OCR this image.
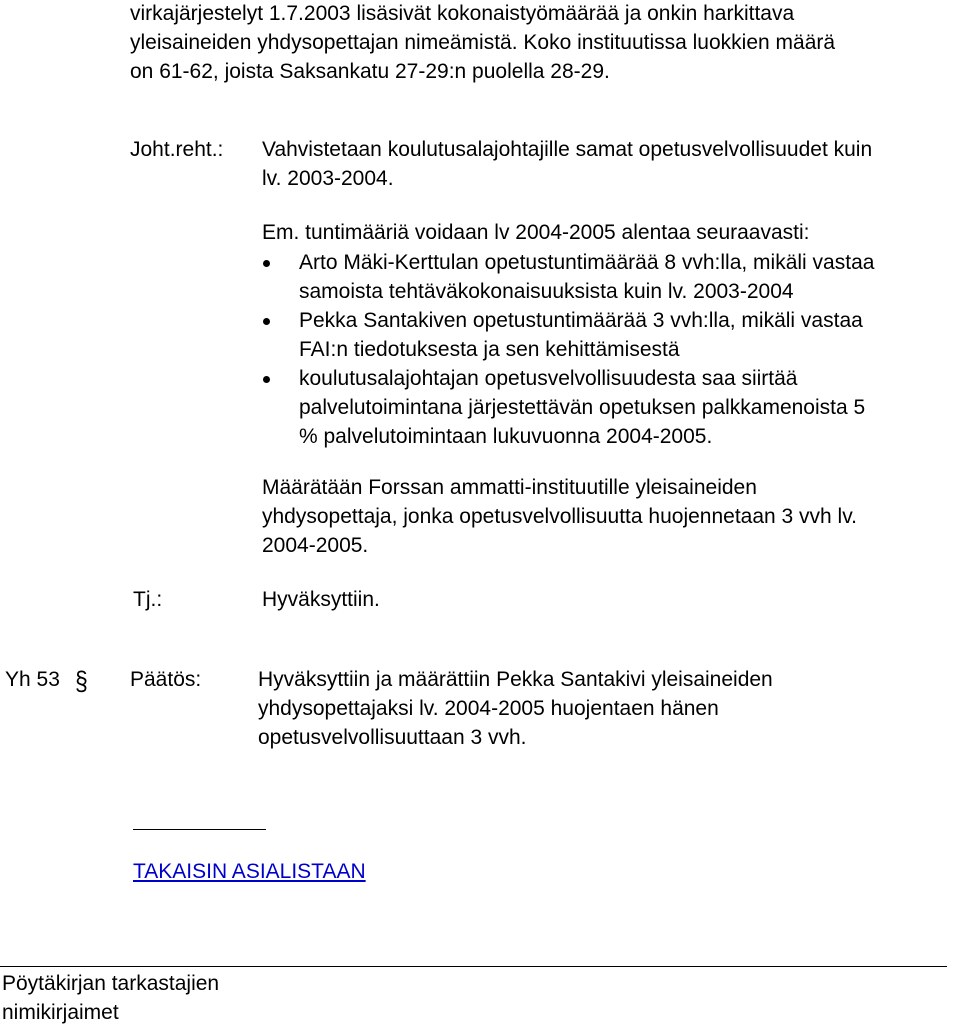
virkajärjestelyt 1.7.2003 lisäsivät kokonaistyömäärää ja onkin harkittava
yleisaineiden yhdysopettajan nimeämistä. Koko instituutissa luokkien määrä
on 61-62, joista Saksankatu 27-29:n puolella 28-29.
Joht.reht.: Vahvistetaan koulutusalajohtajille samat opetusvelvollisuudet kuin
lv. 2003-2004.
Em. tuntimääriä voidaan lv 2004-2005 alentaa seuraavasti:
Arto Mäki-Kerttulan opetustuntimäärää 8 vvh:lla, mikäli vastaa
samoista tehtäväkokonaisuuksista kuin lv. 2003-2004
Pekka Santakiven opetustuntimäärää 3 vvh:lla, mikäli vastaa
FAI:n tiedotuksesta ja sen kehittämisestä
koulutusalajohtajan opetusvelvollisuudesta saa siirtää
palvelutoimintana järjestettävän opetuksen palkkamenoista 5
% palvelutoimintaan lukuvuonna 2004-2005.
Määrätään Forssan ammatti-instituutille yleisaineiden
yhdysopettaja, jonka opetusvelvollisuutta huojennetaan 3 vvh lv.
2004-2005.
Tj.:	Hyväksyttiin.
Yh 53 § Päätös:	Hyväksyttiin ja määrättiin Pekka Santakivi yleisaineiden
yhdysopettajaksi lv. 2004-2005 huojentaen hänen
opetusvelvollisuuttaan 3 vvh.
TAKAISIN ASIALISTAAN
Pöytäkirjan tarkastajien
nimikirjaimet
